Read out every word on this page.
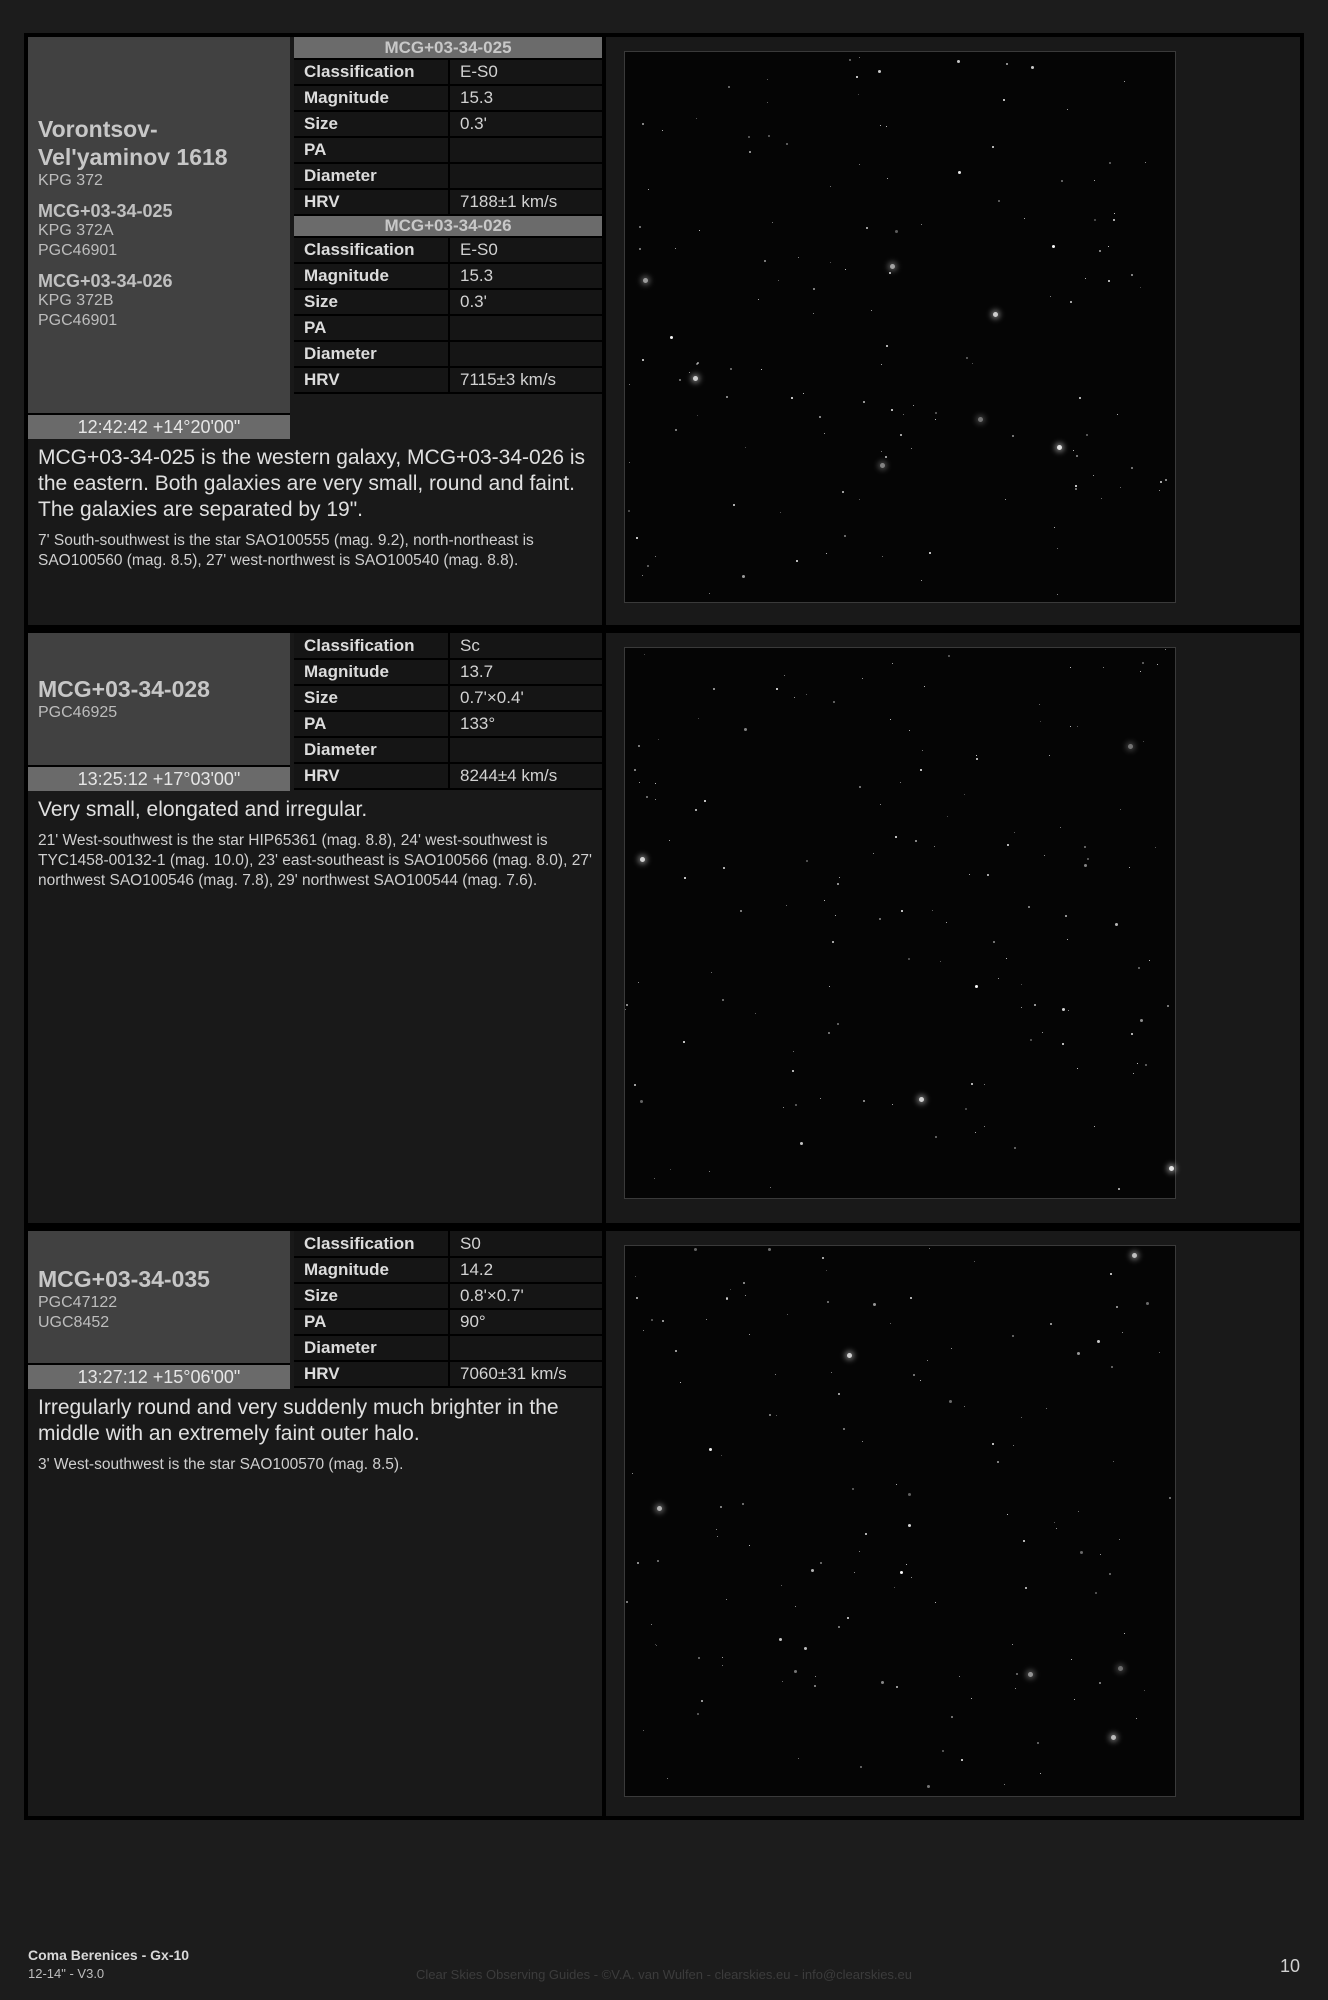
Vorontsov-Vel'yaminov 1618
KPG 372
MCG+03-34-025
KPG 372A
PGC46901
MCG+03-34-026
KPG 372B
PGC46901
12:42:42 +14°20'00"
MCG+03-34-025	
Classification	E-S0
Magnitude	15.3
Size	0.3'
PA	
Diameter	
HRV	7188±1 km/s
MCG+03-34-026	
Classification	E-S0
Magnitude	15.3
Size	0.3'
PA	
Diameter	
HRV	7115±3 km/s

MCG+03-34-025 is the western galaxy, MCG+03-34-026 is the eastern. Both galaxies are very small, round and faint.

The galaxies are separated by 19".

7' South-southwest is the star SAO100555 (mag. 9.2), north-northeast is SAO100560 (mag. 8.5), 27' west-northwest is SAO100540 (mag. 8.8).

MCG+03-34-028
PGC46925
13:25:12 +17°03'00"
Classification	Sc
Magnitude	13.7
Size	0.7'×0.4'
PA	133°
Diameter	
HRV	8244±4 km/s

Very small, elongated and irregular.

21' West-southwest is the star HIP65361 (mag. 8.8), 24' west-southwest is TYC1458-00132-1 (mag. 10.0), 23' east-southeast is SAO100566 (mag. 8.0), 27' northwest SAO100546 (mag. 7.8), 29' northwest SAO100544 (mag. 7.6).

MCG+03-34-035
PGC47122
UGC8452
13:27:12 +15°06'00"
Classification	S0
Magnitude	14.2
Size	0.8'×0.7'
PA	90°
Diameter	
HRV	7060±31 km/s

Irregularly round and very suddenly much brighter in the middle with an extremely faint outer halo.

3' West-southwest is the star SAO100570 (mag. 8.5).

Coma Berenices - Gx-10
12-14" - V3.0	Clear Skies Observing Guides - ©V.A. van Wulfen - clearskies.eu - info@clearskies.eu	10
